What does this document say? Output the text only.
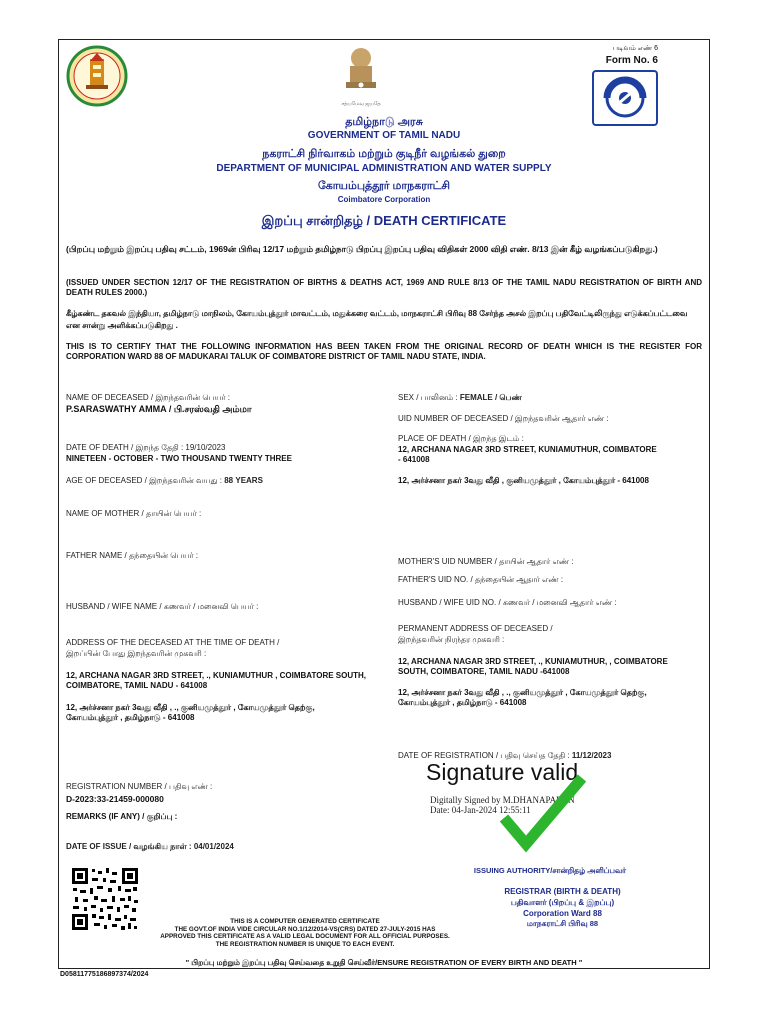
சத்யமேவ ஜயதே
படிவம் எண் 6
Form No. 6
தமிழ்நாடு அரசு
GOVERNMENT OF TAMIL NADU
நகராட்சி நிர்வாகம் மற்றும் குடிநீர் வழங்கல் துறை
DEPARTMENT OF MUNICIPAL ADMINISTRATION AND WATER SUPPLY
கோயம்புத்தூர் மாநகராட்சி
Coimbatore Corporation
இறப்பு சான்றிதழ் / DEATH CERTIFICATE
(பிறப்பு மற்றும் இறப்பு பதிவு சட்டம், 1969ன் பிரிவு 12/17 மற்றும் தமிழ்நாடு பிறப்பு இறப்பு பதிவு விதிகள் 2000 விதி எண். 8/13 இன் கீழ் வழங்கப்படுகிறது.)
(ISSUED UNDER SECTION 12/17 OF THE REGISTRATION OF BIRTHS & DEATHS ACT, 1969 AND RULE 8/13 OF THE TAMIL NADU REGISTRATION OF BIRTH AND DEATH RULES 2000.)
கீழ்கண்ட தகவல் இந்தியா, தமிழ்நாடு மாநிலம், கோயம்புத்தூர் மாவட்டம், மதுக்கரை வட்டம், மாநகராட்சி பிரிவு 88 சேர்ந்த அசல் இறப்பு பதிவேட்டிலிருந்து எடுக்கப்பட்டவை என சான்று அளிக்கப்படுகிறது .
THIS IS TO CERTIFY THAT THE FOLLOWING INFORMATION HAS BEEN TAKEN FROM THE ORIGINAL RECORD OF DEATH WHICH IS THE REGISTER FOR CORPORATION WARD 88 OF MADUKARAI TALUK OF COIMBATORE DISTRICT OF TAMIL NADU STATE, INDIA.
NAME OF DECEASED / இறந்தவரின் பெயர் :
P.SARASWATHY AMMA / பி.சரஸ்வதி அம்மா
DATE OF DEATH / இறந்த தேதி : 19/10/2023
NINETEEN - OCTOBER - TWO THOUSAND TWENTY THREE
AGE OF DECEASED / இறந்தவரின் வயது : 88 YEARS
NAME OF MOTHER / தாயின் பெயர் :
FATHER NAME / தந்தையின் பெயர் :
HUSBAND / WIFE NAME / கணவர் / மனைவி பெயர் :
ADDRESS OF THE DECEASED AT THE TIME OF DEATH /
இறப்பின் போது இறந்தவரின் முகவரி :
12, ARCHANA NAGAR 3RD STREET, ., KUNIAMUTHUR , COIMBATORE SOUTH, COIMBATORE, TAMIL NADU - 641008
12, அர்ச்சனா நகர் 3வது வீதி , ., குனியமுத்தூர் , கோயமுத்தூர் தெற்கு, கோயம்புத்தூர் , தமிழ்நாடு - 641008
REGISTRATION NUMBER / பதிவு எண் :
D-2023:33-21459-000080
REMARKS (IF ANY) / குறிப்பு :
DATE OF ISSUE / வழங்கிய நாள் : 04/01/2024
SEX / பாலினம் : FEMALE / பெண்
UID NUMBER OF DECEASED / இறந்தவரின் ஆதார் எண் :
PLACE OF DEATH / இறந்த இடம் :
12, ARCHANA NAGAR 3RD STREET, KUNIAMUTHUR, COIMBATORE - 641008
12, அர்ச்சனா நகர் 3வது வீதி , குனியமுத்தூர் , கோயம்புத்தூர் - 641008
MOTHER'S UID NUMBER / தாயின் ஆதார் எண் :
FATHER'S UID NO. / தந்தையின் ஆதார் எண் :
HUSBAND / WIFE UID NO. / கணவர் / மனைவி ஆதார் எண் :
PERMANENT ADDRESS OF DECEASED /
இறந்தவரின் நிரந்தர முகவரி :
12, ARCHANA NAGAR 3RD STREET, ., KUNIAMUTHUR, , COIMBATORE SOUTH, COIMBATORE, TAMIL NADU -641008
12, அர்ச்சனா நகர் 3வது வீதி , ., குனியமுத்தூர் , கோயமுத்தூர் தெற்கு, கோயம்புத்தூர் , தமிழ்நாடு - 641008
DATE OF REGISTRATION / பதிவு செய்த தேதி : 11/12/2023
Signature valid
Digitally Signed by M.DHANAPALAN
Date: 04-Jan-2024 12:55:11
ISSUING AUTHORITY/சான்றிதழ் அளிப்பவர்
REGISTRAR (BIRTH & DEATH)
பதிவாளர் (பிறப்பு & இறப்பு)
Corporation Ward 88
மாநகராட்சி பிரிவு 88
THIS IS A COMPUTER GENERATED CERTIFICATE
THE GOVT.OF INDIA VIDE CIRCULAR NO.1/12/2014-VS(CRS) DATED 27-JULY-2015 HAS
APPROVED THIS CERTIFICATE AS A VALID LEGAL DOCUMENT FOR ALL OFFICIAL PURPOSES.
THE REGISTRATION NUMBER IS UNIQUE TO EACH EVENT.
" பிறப்பு மற்றும் இறப்பு பதிவு செய்வதை உறுதி செய்வீர்/ENSURE REGISTRATION OF EVERY BIRTH AND DEATH "
D05811775186897374/2024
